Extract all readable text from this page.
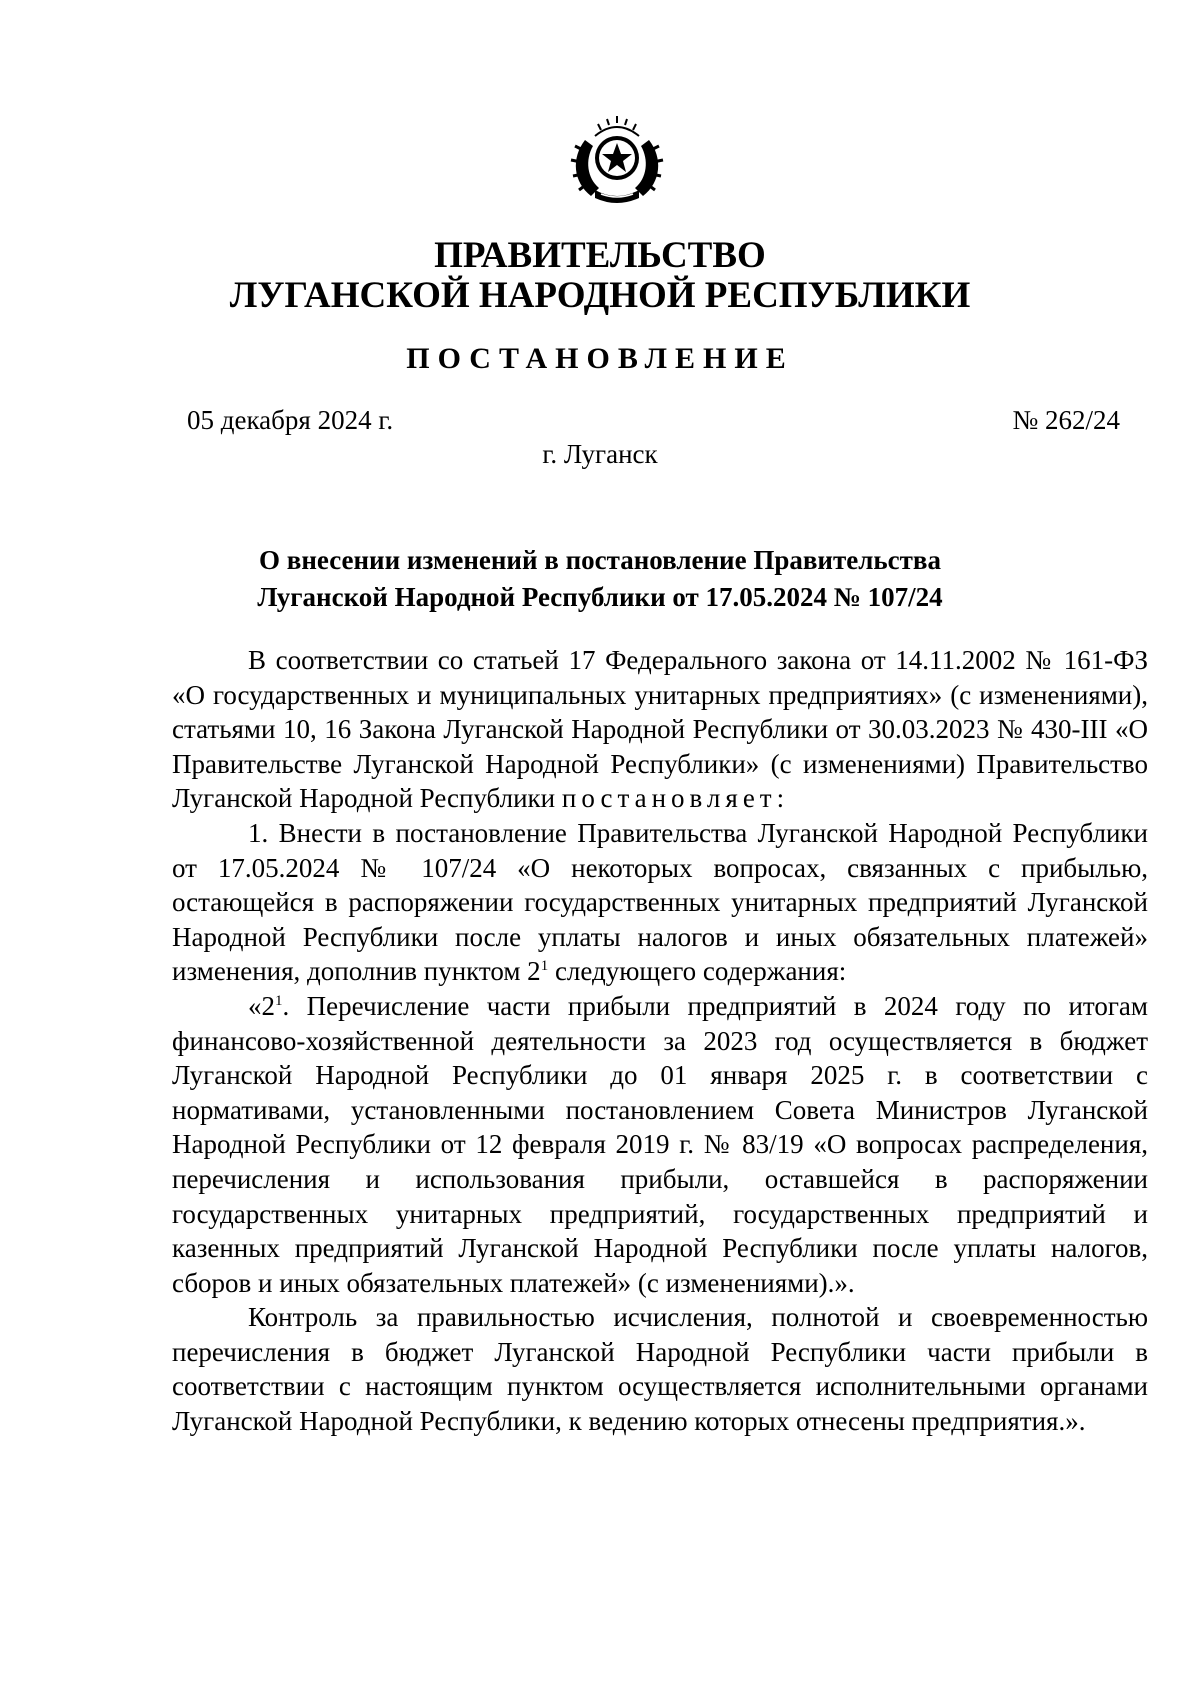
ПРАВИТЕЛЬСТВО
ЛУГАНСКОЙ НАРОДНОЙ РЕСПУБЛИКИ
ПОСТАНОВЛЕНИЕ
05 декабря 2024 г.	№ 262/24
г. Луганск
О внесении изменений в постановление Правительства
Луганской Народной Республики от 17.05.2024 № 107/24

В соответствии со статьей 17 Федерального закона от 14.11.2002 № 161-ФЗ «О государственных и муниципальных унитарных предприятиях» (с изменениями), статьями 10, 16 Закона Луганской Народной Республики от 30.03.2023 № 430-III «О Правительстве Луганской Народной Республики» (с изменениями) Правительство Луганской Народной Республики постановляет:

1. Внести в постановление Правительства Луганской Народной Республики от 17.05.2024 № 107/24 «О некоторых вопросах, связанных с прибылью, остающейся в распоряжении государственных унитарных предприятий Луганской Народной Республики после уплаты налогов и иных обязательных платежей» изменения, дополнив пунктом $2^1$ следующего содержания:

«$2^1$. Перечисление части прибыли предприятий в 2024 году по итогам финансово-хозяйственной деятельности за 2023 год осуществляется в бюджет Луганской Народной Республики до 01 января 2025 г. в соответствии с нормативами, установленными постановлением Совета Министров Луганской Народной Республики от 12 февраля 2019 г. № 83/19 «О вопросах распределения, перечисления и использования прибыли, оставшейся в распоряжении государственных унитарных предприятий, государственных предприятий и казенных предприятий Луганской Народной Республики после уплаты налогов, сборов и иных обязательных платежей» (с изменениями).».

Контроль за правильностью исчисления, полнотой и своевременностью перечисления в бюджет Луганской Народной Республики части прибыли в соответствии с настоящим пунктом осуществляется исполнительными органами Луганской Народной Республики, к ведению которых отнесены предприятия.».
